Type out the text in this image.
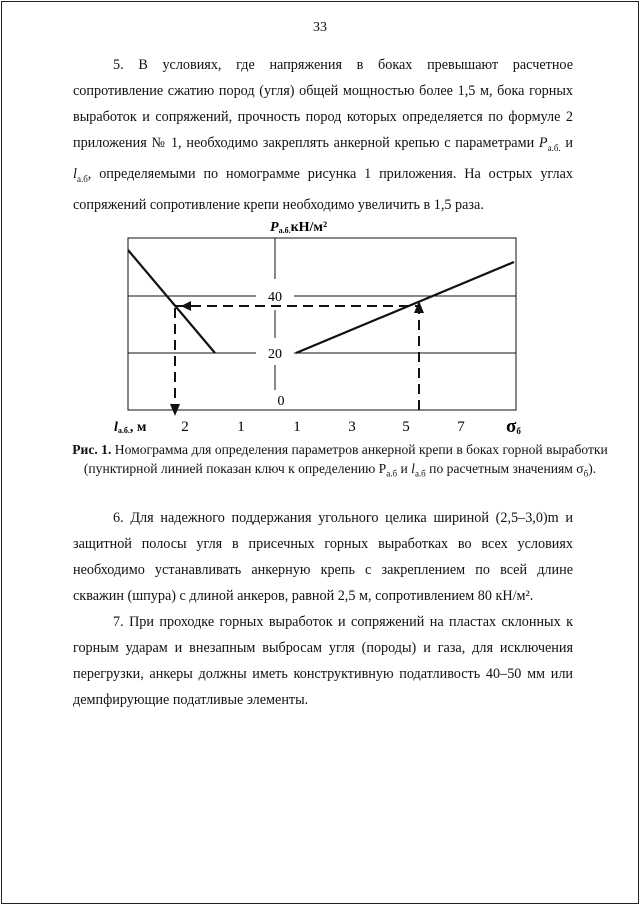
33

5. В условиях, где напряжения в боках превышают расчетное сопротивление сжатию пород (угля) общей мощностью более 1,5 м, бока горных выработок и сопряжений, прочность пород которых определяется по формуле 2 приложения № 1, необходимо закреплять анкерной крепью с параметрами $P_{а.б.}$ и $l_{а.б}$, определяемыми по номограмме рисунка 1 приложения. На острых углах сопряжений сопротивление крепи необходимо увеличить в 1,5 раза.

Pа.б.кН/м²
40
20
0
lа.б., м 2	1	1	3	5	7 σб
Рис. 1. Номограмма для определения параметров анкерной крепи в боках горной выработки (пунктирной линией показан ключ к определению $P_{а.б}$ и $l_{а.б}$ по расчетным значениям $\sigma_б$).

6. Для надежного поддержания угольного целика шириной (2,5–3,0)m и защитной полосы угля в присечных горных выработках во всех условиях необходимо устанавливать анкерную крепь с закреплением по всей длине скважин (шпура) с длиной анкеров, равной 2,5 м, сопротивлением 80 кН/м².

7. При проходке горных выработок и сопряжений на пластах склонных к горным ударам и внезапным выбросам угля (породы) и газа, для исключения перегрузки, анкеры должны иметь конструктивную податливость 40–50 мм или демпфирующие податливые элементы.
